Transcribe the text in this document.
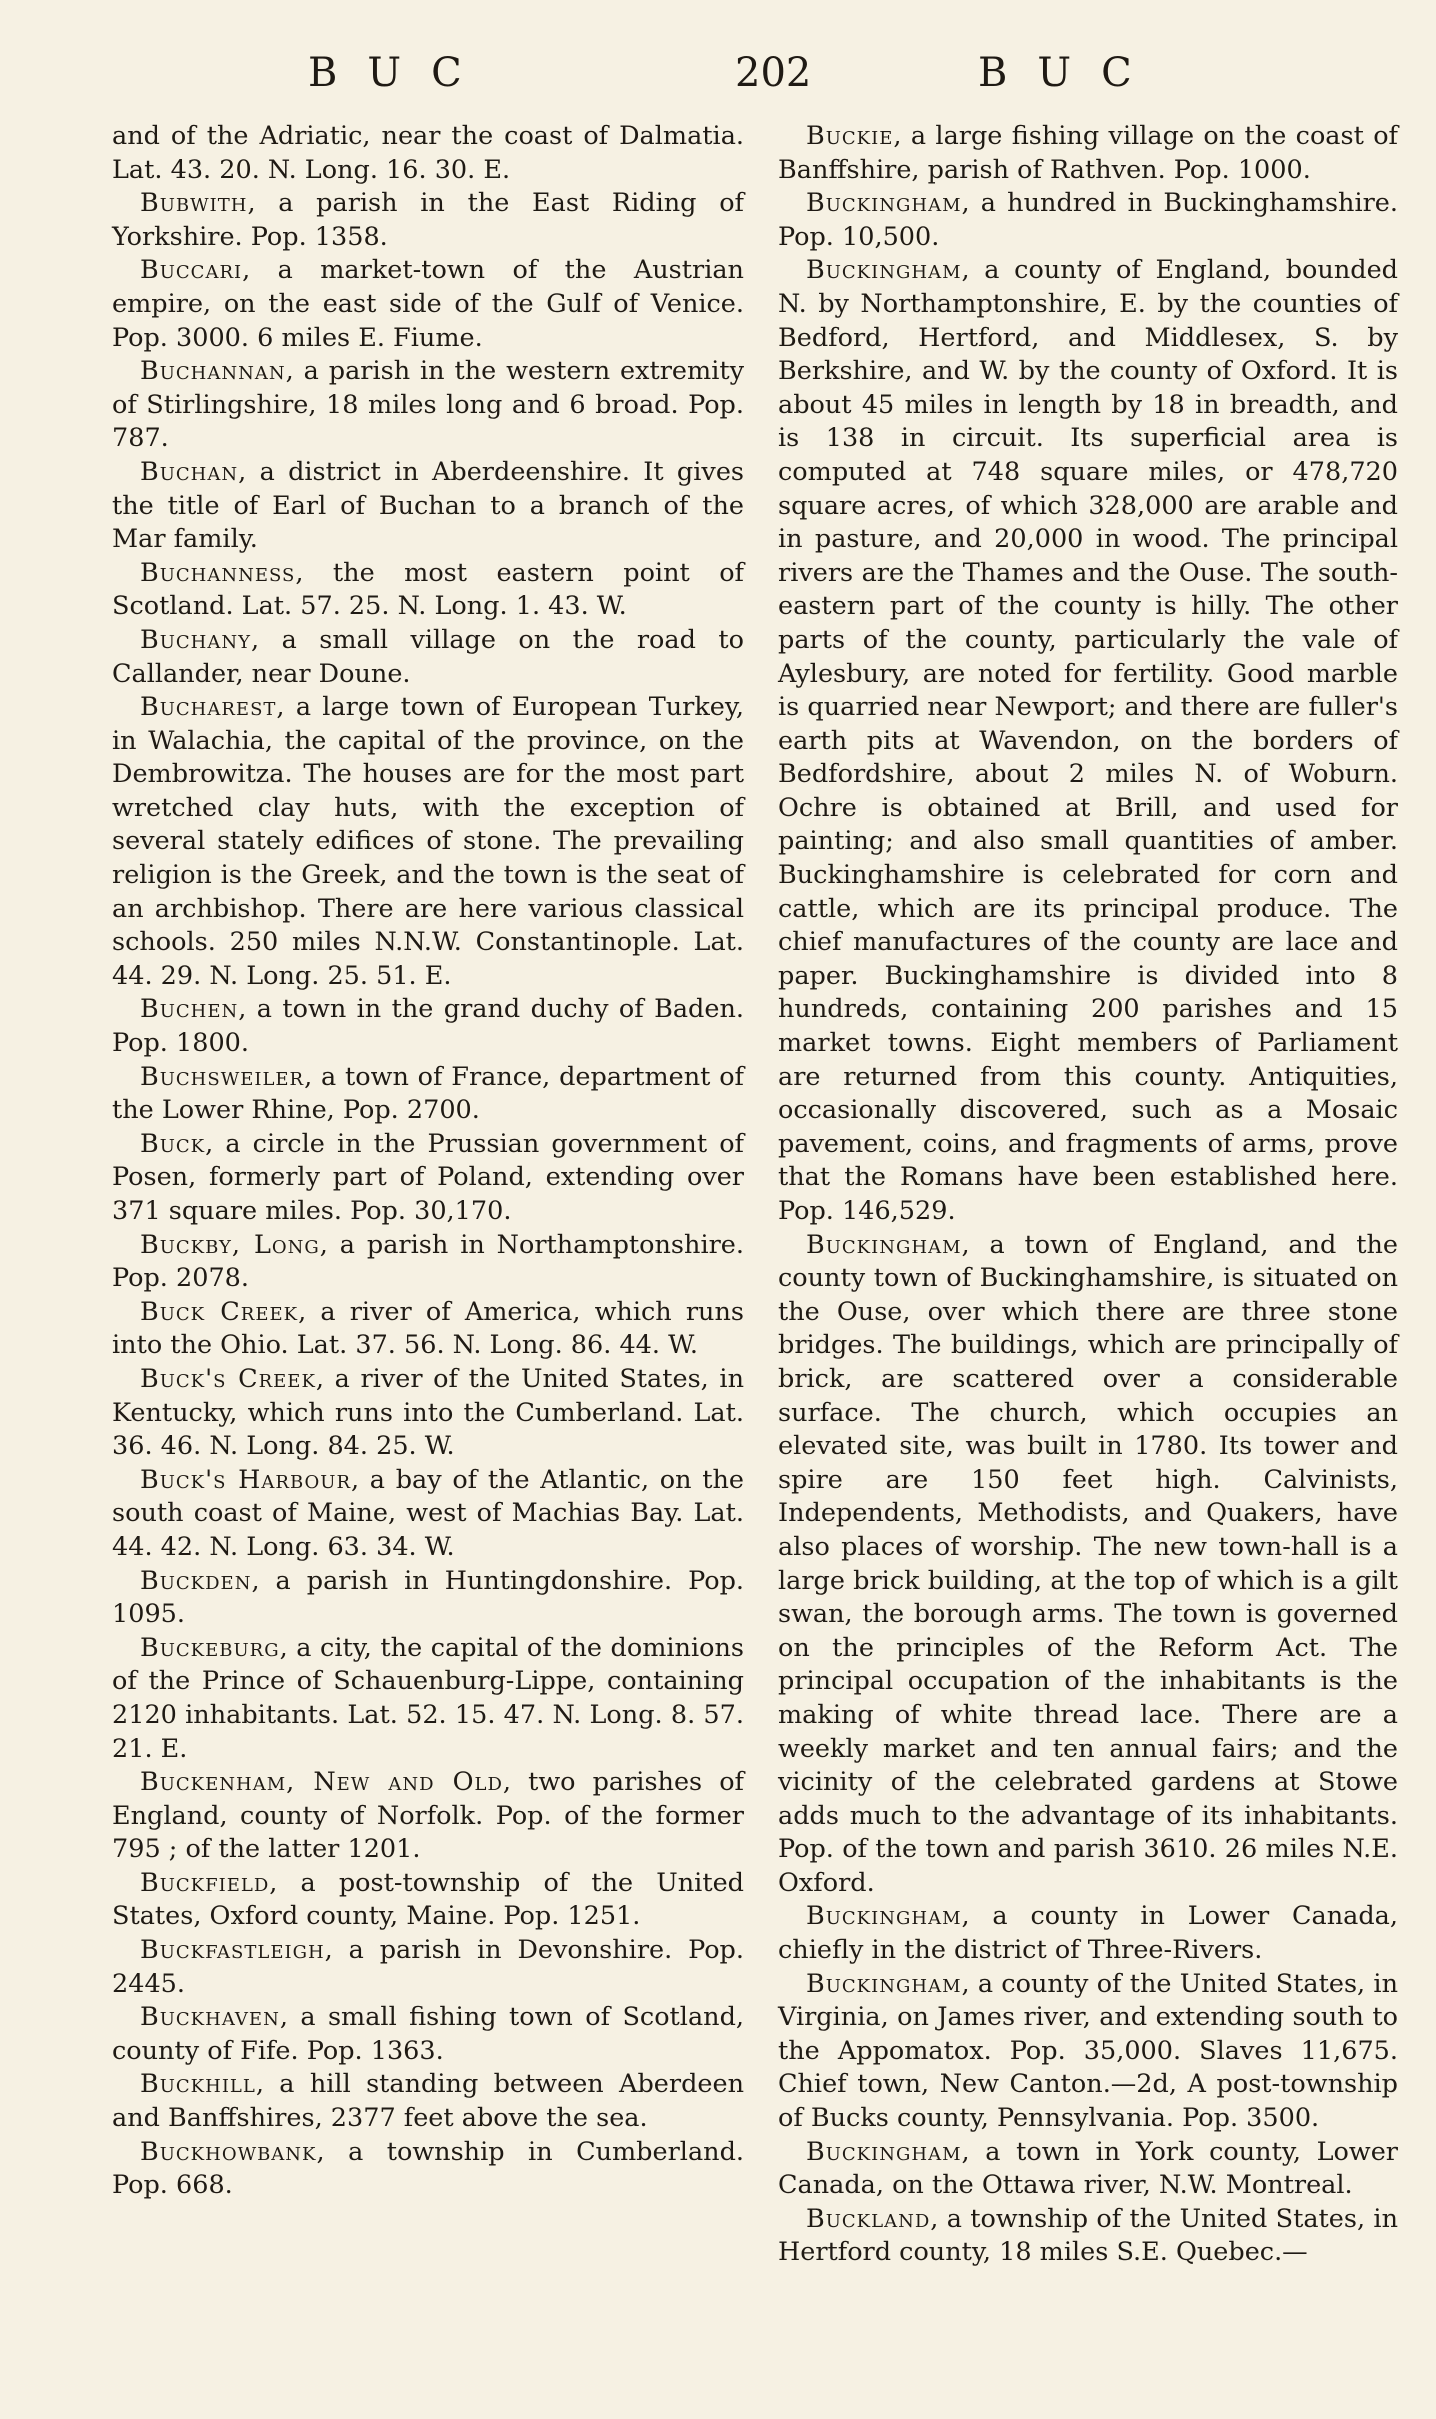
BUC	202	BUC

and of the Adriatic, near the coast of Dalmatia. Lat. 43. 20. N. Long. 16. 30. E.

Bubwith, a parish in the East Riding of Yorkshire. Pop. 1358.

Buccari, a market-town of the Austrian empire, on the east side of the Gulf of Venice. Pop. 3000. 6 miles E. Fiume.

Buchannan, a parish in the western extremity of Stirlingshire, 18 miles long and 6 broad. Pop. 787.

Buchan, a district in Aberdeenshire. It gives the title of Earl of Buchan to a branch of the Mar family.

Buchanness, the most eastern point of Scotland. Lat. 57. 25. N. Long. 1. 43. W.

Buchany, a small village on the road to Callander, near Doune.

Bucharest, a large town of European Turkey, in Walachia, the capital of the province, on the Dembrowitza. The houses are for the most part wretched clay huts, with the exception of several stately edifices of stone. The prevailing religion is the Greek, and the town is the seat of an archbishop. There are here various classical schools. 250 miles N.N.W. Constantinople. Lat. 44. 29. N. Long. 25. 51. E.

Buchen, a town in the grand duchy of Baden. Pop. 1800.

Buchsweiler, a town of France, department of the Lower Rhine, Pop. 2700.

Buck, a circle in the Prussian government of Posen, formerly part of Poland, extending over 371 square miles. Pop. 30,170.

Buckby, Long, a parish in Northamptonshire. Pop. 2078.

Buck Creek, a river of America, which runs into the Ohio. Lat. 37. 56. N. Long. 86. 44. W.

Buck's Creek, a river of the United States, in Kentucky, which runs into the Cumberland. Lat. 36. 46. N. Long. 84. 25. W.

Buck's Harbour, a bay of the Atlantic, on the south coast of Maine, west of Machias Bay. Lat. 44. 42. N. Long. 63. 34. W.

Buckden, a parish in Huntingdonshire. Pop. 1095.

Buckeburg, a city, the capital of the dominions of the Prince of Schauenburg-Lippe, containing 2120 inhabitants. Lat. 52. 15. 47. N. Long. 8. 57. 21. E.

Buckenham, New and Old, two parishes of England, county of Norfolk. Pop. of the former 795 ; of the latter 1201.

Buckfield, a post-township of the United States, Oxford county, Maine. Pop. 1251.

Buckfastleigh, a parish in Devonshire. Pop. 2445.

Buckhaven, a small fishing town of Scotland, county of Fife. Pop. 1363.

Buckhill, a hill standing between Aberdeen and Banffshires, 2377 feet above the sea.

Buckhowbank, a township in Cumberland. Pop. 668.

Buckie, a large fishing village on the coast of Banffshire, parish of Rathven. Pop. 1000.

Buckingham, a hundred in Buckinghamshire. Pop. 10,500.

Buckingham, a county of England, bounded N. by Northamptonshire, E. by the counties of Bedford, Hertford, and Middlesex, S. by Berkshire, and W. by the county of Oxford. It is about 45 miles in length by 18 in breadth, and is 138 in circuit. Its superficial area is computed at 748 square miles, or 478,720 square acres, of which 328,000 are arable and in pasture, and 20,000 in wood. The principal rivers are the Thames and the Ouse. The south-eastern part of the county is hilly. The other parts of the county, particularly the vale of Aylesbury, are noted for fertility. Good marble is quarried near Newport; and there are fuller's earth pits at Wavendon, on the borders of Bedfordshire, about 2 miles N. of Woburn. Ochre is obtained at Brill, and used for painting; and also small quantities of amber. Buckinghamshire is celebrated for corn and cattle, which are its principal produce. The chief manufactures of the county are lace and paper. Buckinghamshire is divided into 8 hundreds, containing 200 parishes and 15 market towns. Eight members of Parliament are returned from this county. Antiquities, occasionally discovered, such as a Mosaic pavement, coins, and fragments of arms, prove that the Romans have been established here. Pop. 146,529.

Buckingham, a town of England, and the county town of Buckinghamshire, is situated on the Ouse, over which there are three stone bridges. The buildings, which are principally of brick, are scattered over a considerable surface. The church, which occupies an elevated site, was built in 1780. Its tower and spire are 150 feet high. Calvinists, Independents, Methodists, and Quakers, have also places of worship. The new town-hall is a large brick building, at the top of which is a gilt swan, the borough arms. The town is governed on the principles of the Reform Act. The principal occupation of the inhabitants is the making of white thread lace. There are a weekly market and ten annual fairs; and the vicinity of the celebrated gardens at Stowe adds much to the advantage of its inhabitants. Pop. of the town and parish 3610. 26 miles N.E. Oxford.

Buckingham, a county in Lower Canada, chiefly in the district of Three-Rivers.

Buckingham, a county of the United States, in Virginia, on James river, and extending south to the Appomatox. Pop. 35,000. Slaves 11,675. Chief town, New Canton.—2d, A post-township of Bucks county, Pennsylvania. Pop. 3500.

Buckingham, a town in York county, Lower Canada, on the Ottawa river, N.W. Montreal.

Buckland, a township of the United States, in Hertford county, 18 miles S.E. Quebec.—
